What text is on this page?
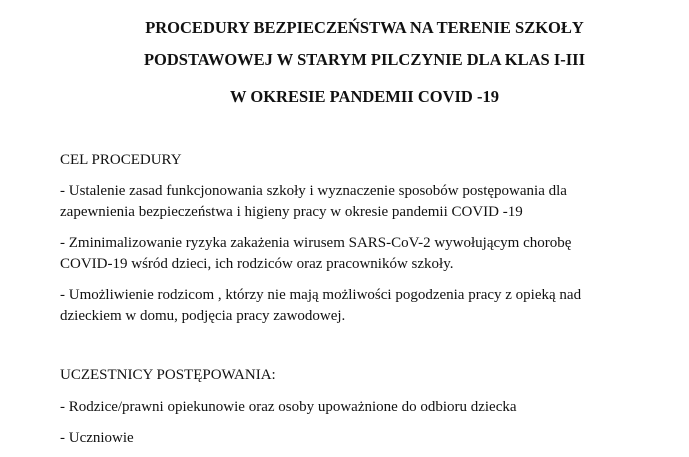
PROCEDURY BEZPIECZEŃSTWA NA TERENIE SZKOŁY
PODSTAWOWEJ W STARYM PILCZYNIE DLA KLAS I-III
W OKRESIE PANDEMII COVID -19
CEL PROCEDURY
- Ustalenie zasad funkcjonowania szkoły i wyznaczenie sposobów postępowania dla
zapewnienia bezpieczeństwa i higieny pracy w okresie pandemii COVID -19
- Zminimalizowanie ryzyka zakażenia wirusem SARS-CoV-2 wywołującym chorobę
COVID-19 wśród dzieci, ich rodziców oraz pracowników szkoły.
- Umożliwienie rodzicom , którzy nie mają możliwości pogodzenia pracy z opieką nad
dzieckiem w domu, podjęcia pracy zawodowej.
UCZESTNICY POSTĘPOWANIA:
- Rodzice/prawni opiekunowie oraz osoby upoważnione do odbioru dziecka
- Uczniowie
